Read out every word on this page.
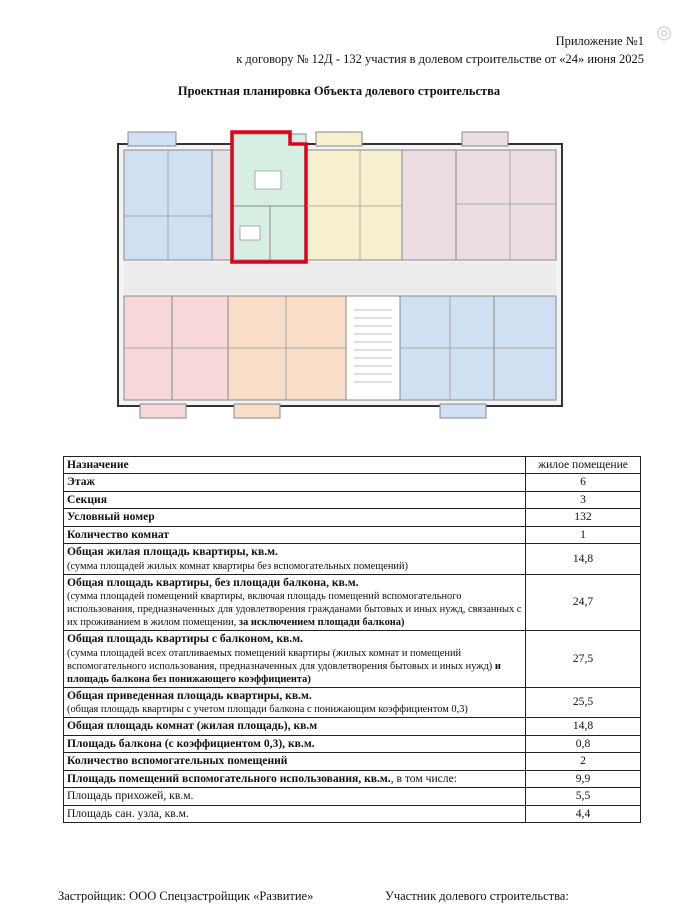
◎
Приложение №1
к договору № 12Д - 132 участия в долевом строительстве от «24» июня 2025
Проектная планировка Объекта долевого строительства
Назначение	жилое помещение
Этаж	6
Секция	3
Условный номер	132
Количество комнат	1
Общая жилая площадь квартиры, кв.м.
(сумма площадей жилых комнат квартиры без вспомогательных помещений)	14,8
Общая площадь квартиры, без площади балкона, кв.м.
(сумма площадей помещений квартиры, включая площадь помещений вспомогательного использования, предназначенных для удовлетворения гражданами бытовых и иных нужд, связанных с их проживанием в жилом помещении, за исключением площади балкона)	24,7
Общая площадь квартиры с балконом, кв.м.
(сумма площадей всех отапливаемых помещений квартиры (жилых комнат и помещений вспомогательного использования, предназначенных для удовлетворения бытовых и иных нужд) и площадь балкона без понижающего коэффициента)	27,5
Общая приведенная площадь квартиры, кв.м.
(общая площадь квартиры с учетом площади балкона с понижающим коэффициентом 0,3)	25,5
Общая площадь комнат (жилая площадь), кв.м	14,8
Площадь балкона (с коэффициентом 0,3), кв.м.	0,8
Количество вспомогательных помещений	2
Площадь помещений вспомогательного использования, кв.м., в том числе:	9,9
Площадь прихожей, кв.м.	5,5
Площадь сан. узла, кв.м.	4,4
Застройщик: ООО Спецзастройщик «Развитие»	Участник долевого строительства:
